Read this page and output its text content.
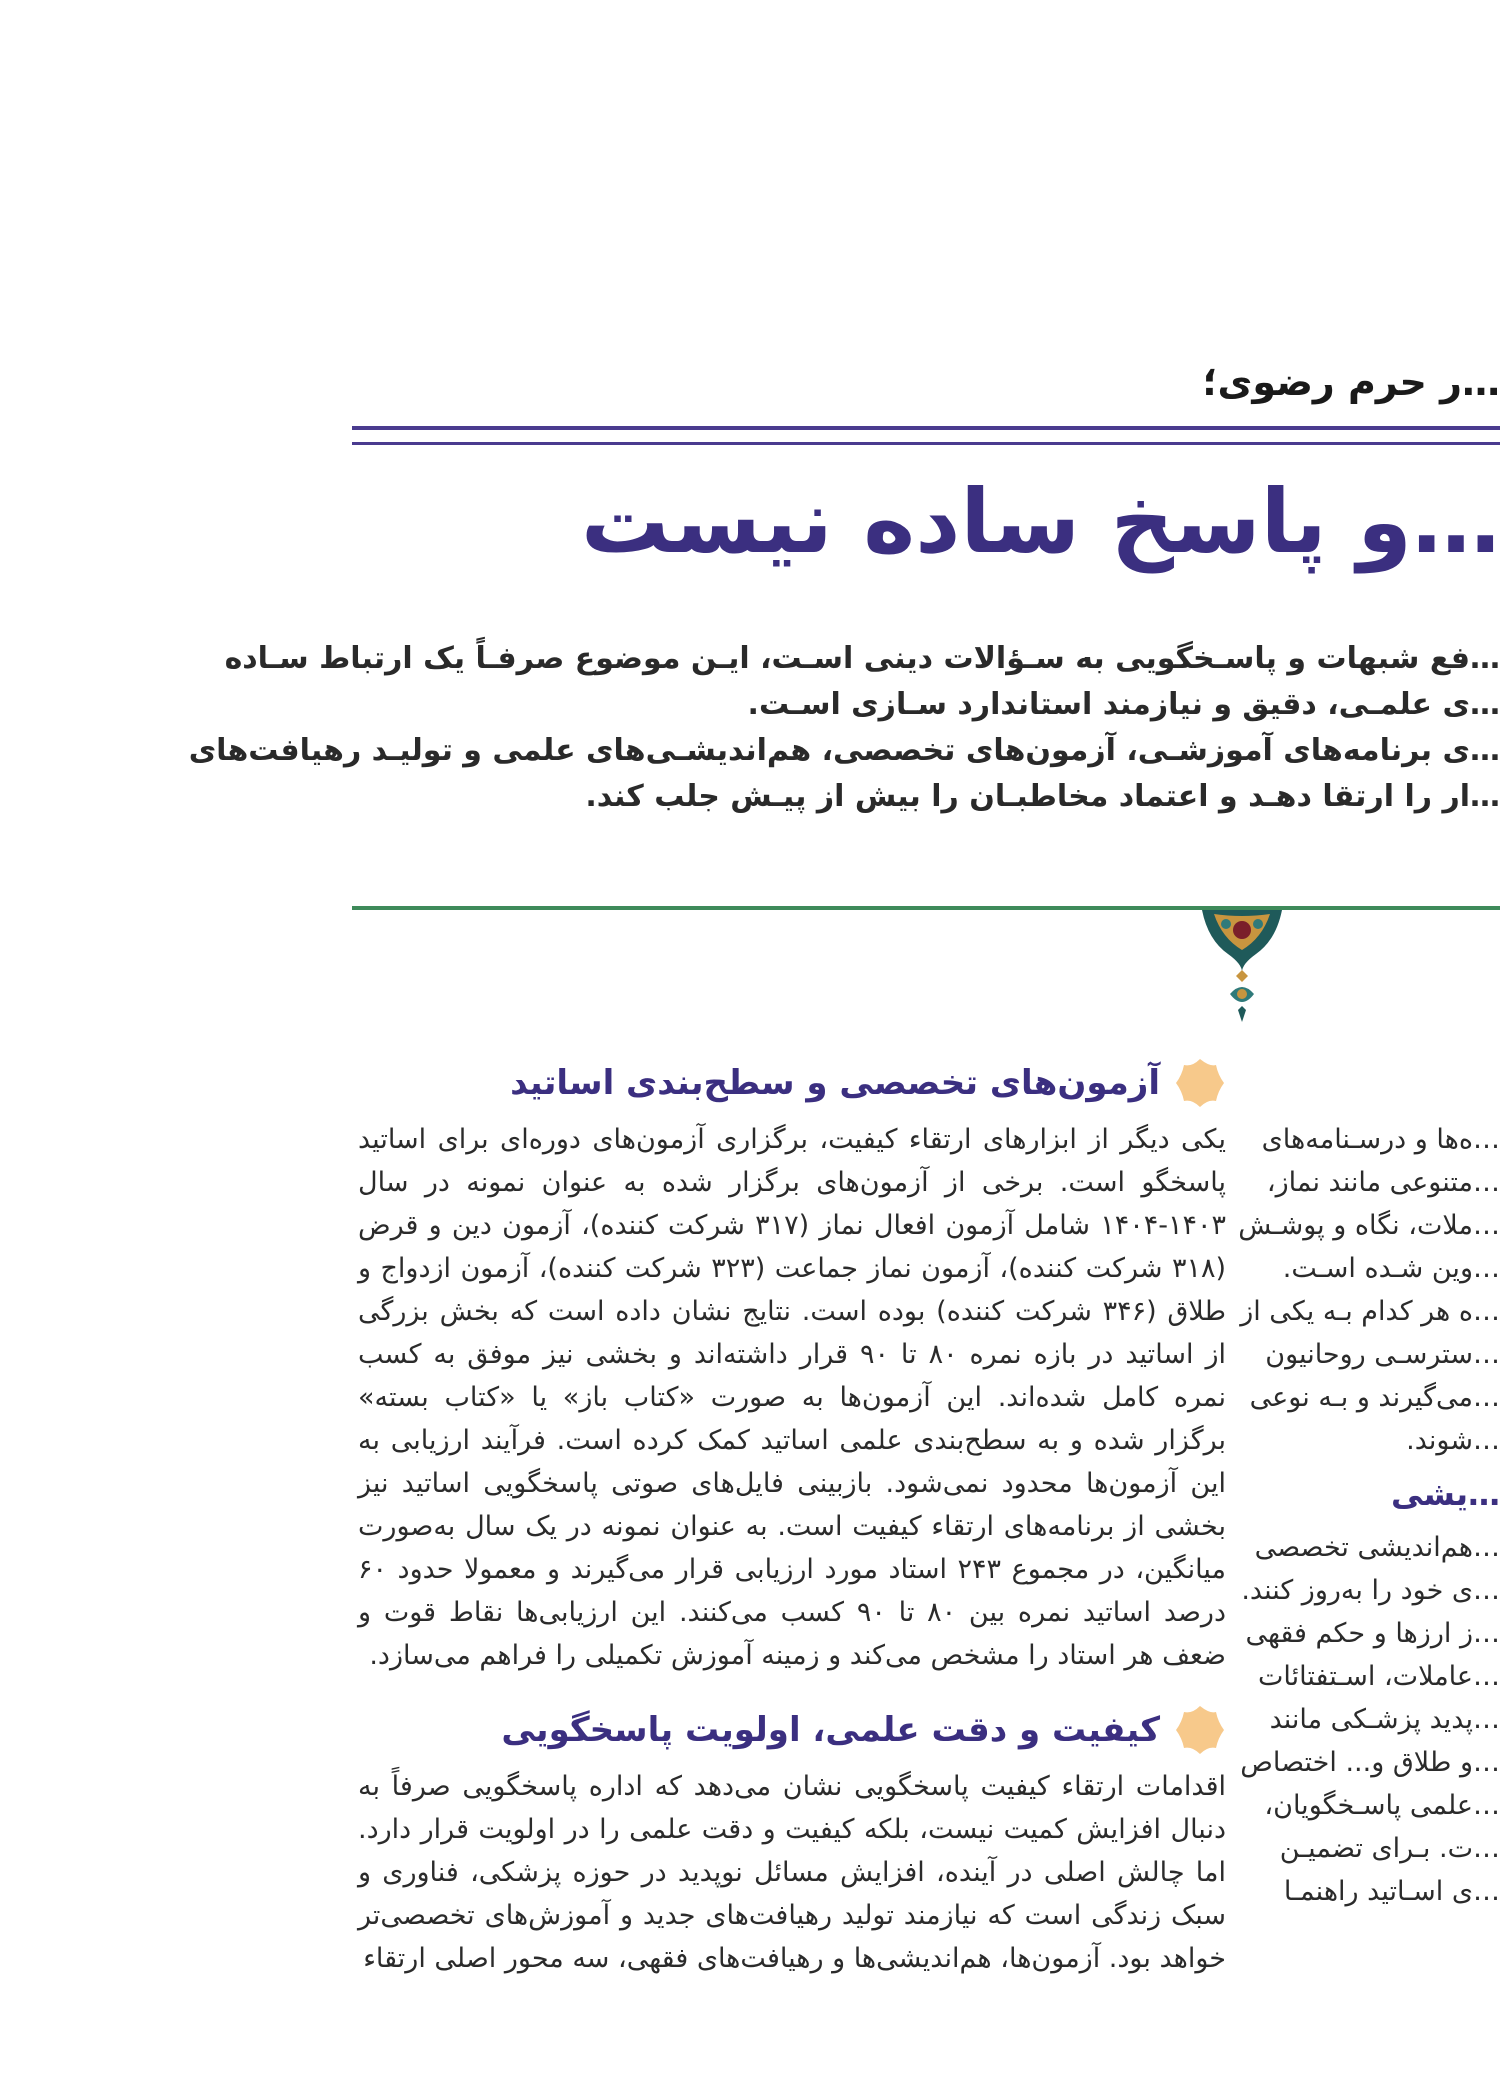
…ر حرم رضوی؛
…و پاسخ ساده نیست

…فع شبهات و پاسـخگویی به سـؤالات دینی اسـت، ایـن موضوع صرفـاً یک ارتباط سـاده

…ی علمـی، دقیق و نیازمند استاندارد سـازی اسـت.

…ی برنامه‌های آموزشـی، آزمون‌های تخصصی، هم‌اندیشـی‌های علمی و تولیـد رهیافت‌های

…ار را ارتقا دهـد و اعتماد مخاطبـان را بیش از پیـش جلب کند.

آزمون‌های تخصصی و سطح‌بندی اساتید

یکی دیگر از ابزارهای ارتقاء کیفیت، برگزاری آزمون‌های دوره‌ای برای اساتید پاسخگو است. برخی از آزمون‌های برگزار شده به عنوان نمونه در سال ۱۴۰۳-۱۴۰۴ شامل آزمون افعال نماز (۳۱۷ شرکت کننده)، آزمون دین و قرض (۳۱۸ شرکت کننده)، آزمون نماز جماعت (۳۲۳ شرکت کننده)، آزمون ازدواج و طلاق (۳۴۶ شرکت کننده) بوده است. نتایج نشان داده است که بخش بزرگی از اساتید در بازه نمره ۸۰ تا ۹۰ قرار داشته‌اند و بخشی نیز موفق به کسب نمره کامل شده‌اند. این آزمون‌ها به صورت «کتاب باز» یا «کتاب بسته» برگزار شده و به سطح‌بندی علمی اساتید کمک کرده است. فرآیند ارزیابی به این آزمون‌ها محدود نمی‌شود. بازبینی فایل‌های صوتی پاسخگویی اساتید نیز بخشی از برنامه‌های ارتقاء کیفیت است. به عنوان نمونه در یک سال به‌صورت میانگین، در مجموع ۲۴۳ استاد مورد ارزیابی قرار می‌گیرند و معمولا حدود ۶۰ درصد اساتید نمره بین ۸۰ تا ۹۰ کسب می‌کنند. این ارزیابی‌ها نقاط قوت و ضعف هر استاد را مشخص می‌کند و زمینه آموزش تکمیلی را فراهم می‌سازد.

کیفیت و دقت علمی، اولویت پاسخگویی

اقدامات ارتقاء کیفیت پاسخگویی نشان می‌دهد که اداره پاسخگویی صرفاً به دنبال افزایش کمیت نیست، بلکه کیفیت و دقت علمی را در اولویت قرار دارد. اما چالش اصلی در آینده، افزایش مسائل نوپدید در حوزه پزشکی، فناوری و سبک زندگی است که نیازمند تولید رهیافت‌های جدید و آموزش‌های تخصصی‌تر خواهد بود. آزمون‌ها، هم‌اندیشی‌ها و رهیافت‌های فقهی، سه محور اصلی ارتقاء

…ه‌ها و درسـنامه‌های

…متنوعی مانند نماز،

…ملات، نگاه و پوشـش

…وین شـده اسـت.

…ه هر کدام بـه یکی از

…سترسـی روحانیون

…می‌گیرند و بـه نوعی

…شوند.

…یشی

…هم‌اندیشی تخصصی

…ی خود را به‌روز کنند.

…ز ارزها و حکم فقهی

…عاملات، اسـتفتائات

…پدید پزشـکی مانند

…و طلاق و... اختصاص

…علمی پاسـخگویان،

…ت. بـرای تضمیـن

…ی اسـاتید راهنمـا
